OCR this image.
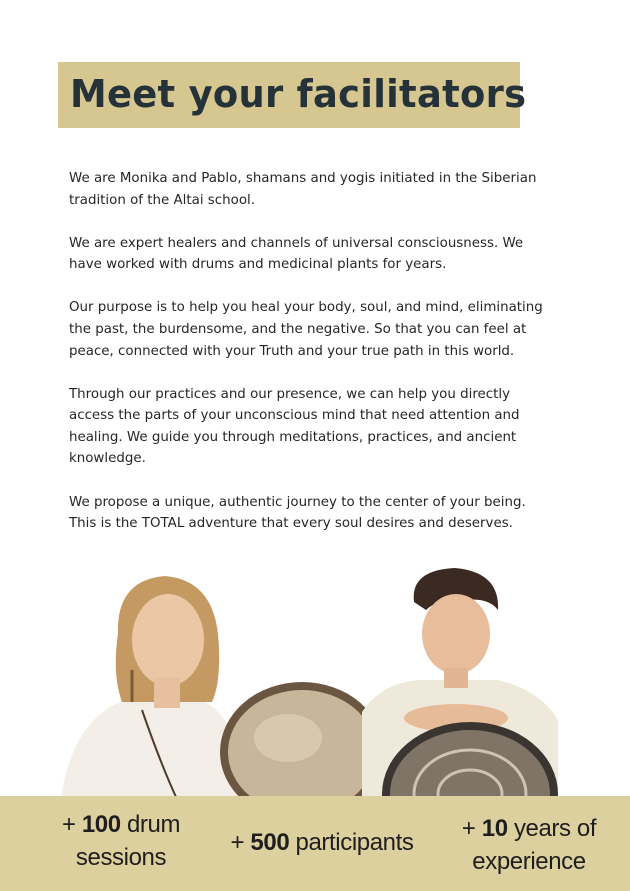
Meet your facilitators

We are Monika and Pablo, shamans and yogis initiated in the Siberian tradition of the Altai school.

We are expert healers and channels of universal consciousness. We have worked with drums and medicinal plants for years.

Our purpose is to help you heal your body, soul, and mind, eliminating the past, the burdensome, and the negative. So that you can feel at peace, connected with your Truth and your true path in this world.

Through our practices and our presence, we can help you directly access the parts of your unconscious mind that need attention and healing. We guide you through meditations, practices, and ancient knowledge.

We propose a unique, authentic journey to the center of your being. This is the TOTAL adventure that every soul desires and deserves.

+ 100 drum
sessions
+ 500 participants
+ 10 years of
experience
